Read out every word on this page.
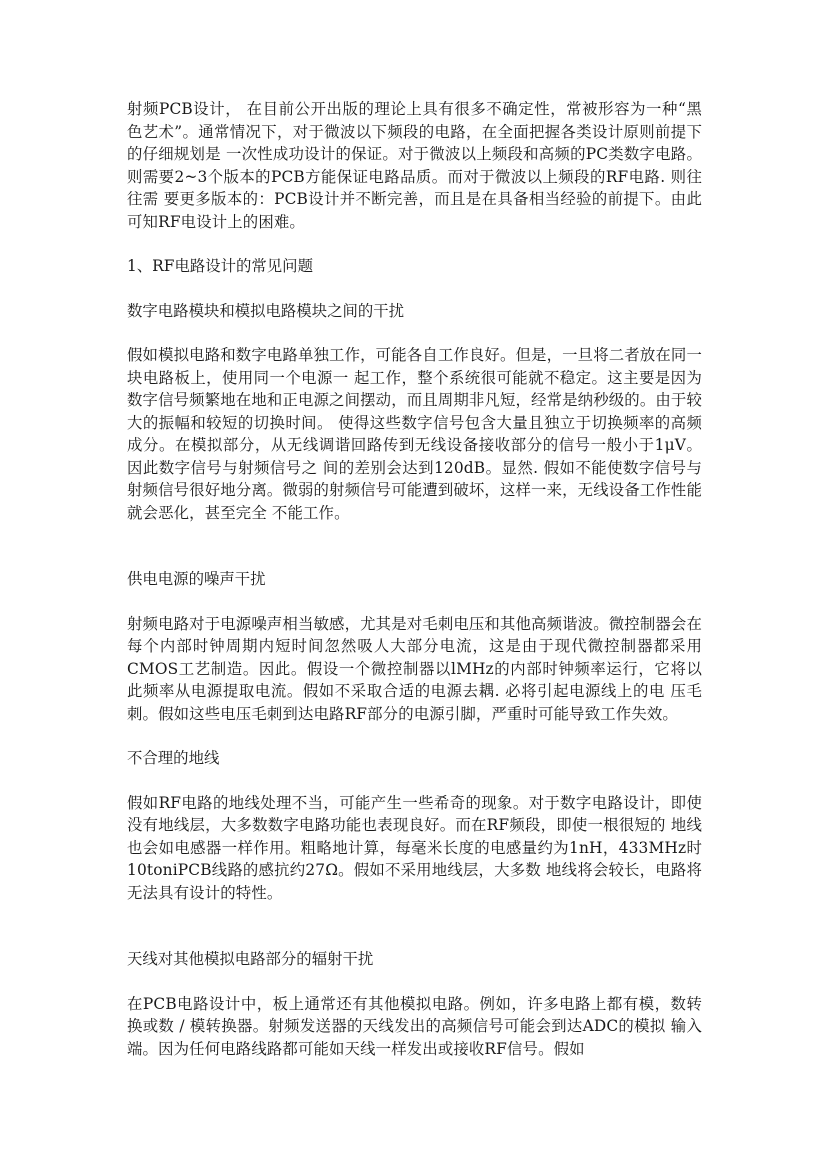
射频PCB设计， 在目前公开出版的理论上具有很多不确定性，常被形容为一种“黑色艺术”。通常情况下，对于微波以下频段的电路，在全面把握各类设计原则前提下的仔细规划是 一次性成功设计的保证。对于微波以上频段和高频的PC类数字电路。则需要2~3个版本的PCB方能保证电路品质。而对于微波以上频段的RF电路. 则往往需 要更多版本的：PCB设计并不断完善，而且是在具备相当经验的前提下。由此可知RF电设计上的困难。

1、RF电路设计的常见问题

数字电路模块和模拟电路模块之间的干扰

假如模拟电路和数字电路单独工作，可能各自工作良好。但是，一旦将二者放在同一块电路板上，使用同一个电源一 起工作，整个系统很可能就不稳定。这主要是因为数字信号频繁地在地和正电源之间摆动，而且周期非凡短，经常是纳秒级的。由于较大的振幅和较短的切换时间。 使得这些数字信号包含大量且独立于切换频率的高频成分。在模拟部分，从无线调谐回路传到无线设备接收部分的信号一般小于1μV。因此数字信号与射频信号之 间的差别会达到120dB。显然. 假如不能使数字信号与射频信号很好地分离。微弱的射频信号可能遭到破坏，这样一来，无线设备工作性能就会恶化，甚至完全 不能工作。

供电电源的噪声干扰

射频电路对于电源噪声相当敏感，尤其是对毛刺电压和其他高频谐波。微控制器会在每个内部时钟周期内短时间忽然吸人大部分电流，这是由于现代微控制器都采用 CMOS工艺制造。因此。假设一个微控制器以lMHz的内部时钟频率运行，它将以此频率从电源提取电流。假如不采取合适的电源去耦. 必将引起电源线上的电 压毛刺。假如这些电压毛刺到达电路RF部分的电源引脚，严重时可能导致工作失效。

不合理的地线

假如RF电路的地线处理不当，可能产生一些希奇的现象。对于数字电路设计，即使没有地线层，大多数数字电路功能也表现良好。而在RF频段，即使一根很短的 地线也会如电感器一样作用。粗略地计算，每毫米长度的电感量约为1nH，433MHz时10toniPCB线路的感抗约27Ω。假如不采用地线层，大多数 地线将会较长，电路将无法具有设计的特性。

天线对其他模拟电路部分的辐射干扰

在PCB电路设计中，板上通常还有其他模拟电路。例如，许多电路上都有模，数转换或数 / 模转换器。射频发送器的天线发出的高频信号可能会到达ADC的模拟 输入端。因为任何电路线路都可能如天线一样发出或接收RF信号。假如
